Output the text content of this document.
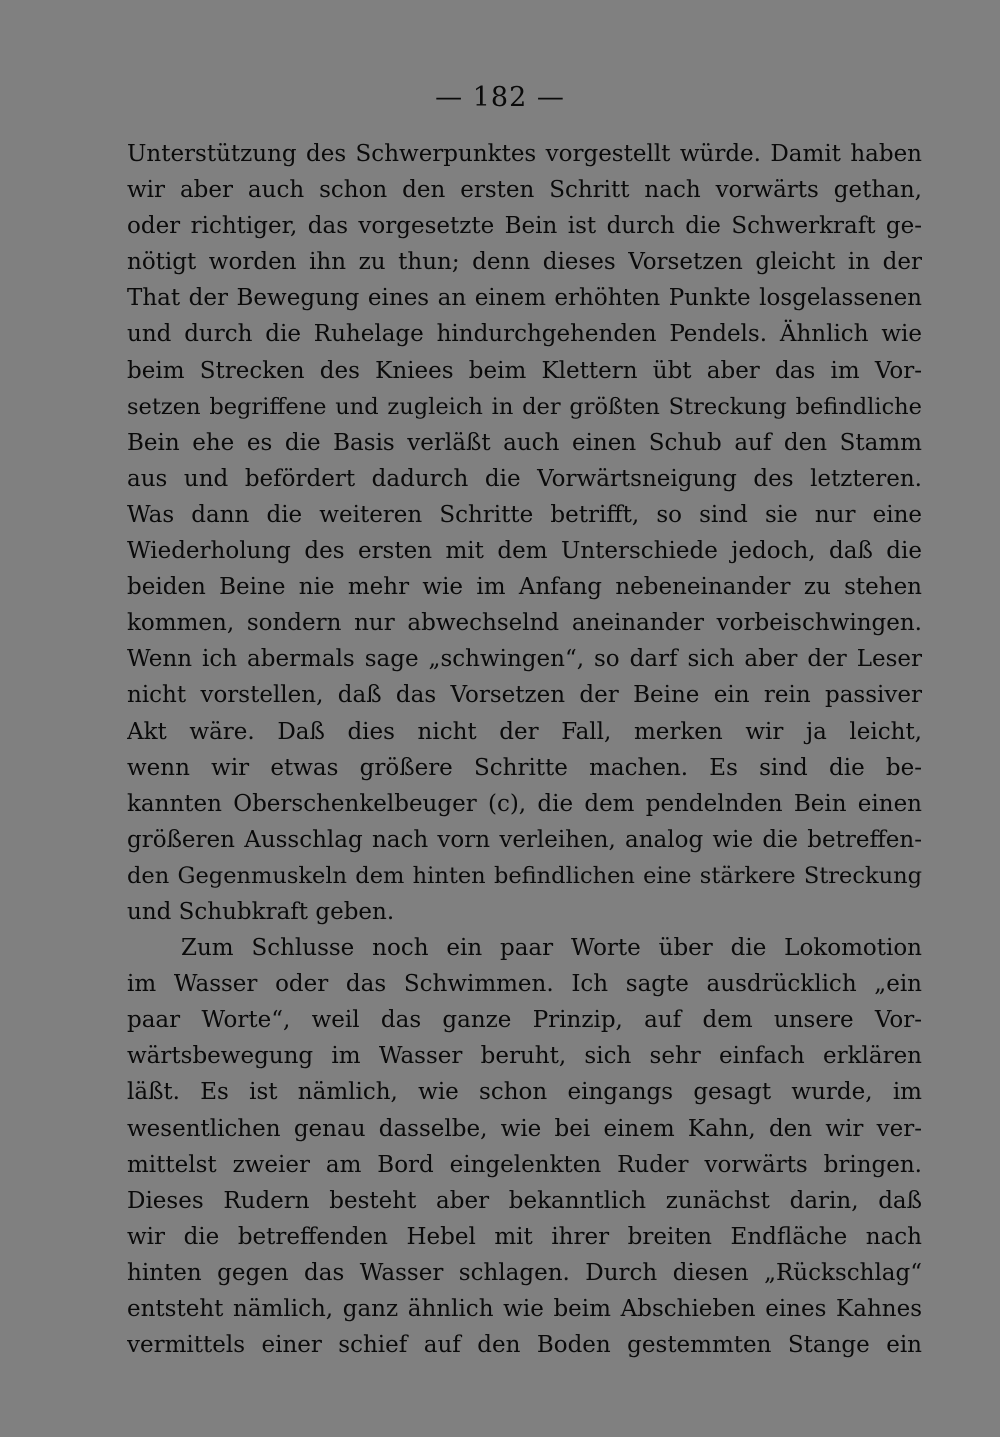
— 182 —
Unterstützung des Schwerpunktes vorgestellt würde. Damit haben
wir aber auch schon den ersten Schritt nach vorwärts gethan,
oder richtiger, das vorgesetzte Bein ist durch die Schwerkraft ge-
nötigt worden ihn zu thun; denn dieses Vorsetzen gleicht in der
That der Bewegung eines an einem erhöhten Punkte losgelassenen
und durch die Ruhelage hindurchgehenden Pendels. Ähnlich wie
beim Strecken des Kniees beim Klettern übt aber das im Vor-
setzen begriffene und zugleich in der größten Streckung befindliche
Bein ehe es die Basis verläßt auch einen Schub auf den Stamm
aus und befördert dadurch die Vorwärtsneigung des letzteren.
Was dann die weiteren Schritte betrifft, so sind sie nur eine
Wiederholung des ersten mit dem Unterschiede jedoch, daß die
beiden Beine nie mehr wie im Anfang nebeneinander zu stehen
kommen, sondern nur abwechselnd aneinander vorbeischwingen.
Wenn ich abermals sage „schwingen“, so darf sich aber der Leser
nicht vorstellen, daß das Vorsetzen der Beine ein rein passiver
Akt wäre. Daß dies nicht der Fall, merken wir ja leicht,
wenn wir etwas größere Schritte machen. Es sind die be-
kannten Oberschenkelbeuger (c), die dem pendelnden Bein einen
größeren Ausschlag nach vorn verleihen, analog wie die betreffen-
den Gegenmuskeln dem hinten befindlichen eine stärkere Streckung
und Schubkraft geben.
Zum Schlusse noch ein paar Worte über die Lokomotion
im Wasser oder das Schwimmen. Ich sagte ausdrücklich „ein
paar Worte“, weil das ganze Prinzip, auf dem unsere Vor-
wärtsbewegung im Wasser beruht, sich sehr einfach erklären
läßt. Es ist nämlich, wie schon eingangs gesagt wurde, im
wesentlichen genau dasselbe, wie bei einem Kahn, den wir ver-
mittelst zweier am Bord eingelenkten Ruder vorwärts bringen.
Dieses Rudern besteht aber bekanntlich zunächst darin, daß
wir die betreffenden Hebel mit ihrer breiten Endfläche nach
hinten gegen das Wasser schlagen. Durch diesen „Rückschlag“
entsteht nämlich, ganz ähnlich wie beim Abschieben eines Kahnes
vermittels einer schief auf den Boden gestemmten Stange ein
